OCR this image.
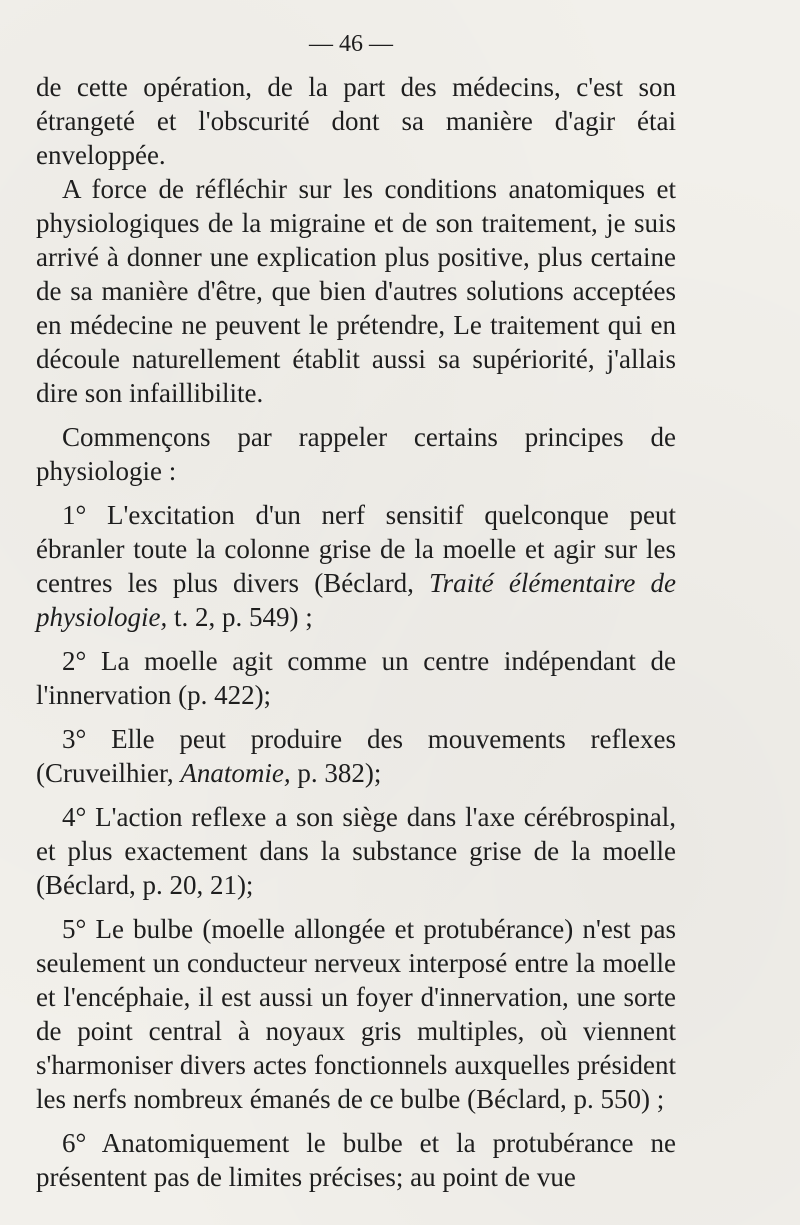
— 46 —

de cette opération, de la part des médecins, c'est son étrangeté et l'obscurité dont sa manière d'agir étai enveloppée.

A force de réfléchir sur les conditions anatomiques et physiologiques de la migraine et de son traitement, je suis arrivé à donner une explication plus positive, plus certaine de sa manière d'être, que bien d'autres solutions acceptées en médecine ne peuvent le prétendre, Le traitement qui en découle naturellement établit aussi sa supériorité, j'allais dire son infaillibilite.

Commençons par rappeler certains principes de physiologie :

1° L'excitation d'un nerf sensitif quelconque peut ébranler toute la colonne grise de la moelle et agir sur les centres les plus divers (Béclard, Traité élémentaire de physiologie, t. 2, p. 549) ;

2° La moelle agit comme un centre indépendant de l'innervation (p. 422);

3° Elle peut produire des mouvements reflexes (Cruveilhier, Anatomie, p. 382);

4° L'action reflexe a son siège dans l'axe cérébrospinal, et plus exactement dans la substance grise de la moelle (Béclard, p. 20, 21);

5° Le bulbe (moelle allongée et protubérance) n'est pas seulement un conducteur nerveux interposé entre la moelle et l'encéphaie, il est aussi un foyer d'innervation, une sorte de point central à noyaux gris multiples, où viennent s'harmoniser divers actes fonctionnels auxquelles président les nerfs nombreux émanés de ce bulbe (Béclard, p. 550) ;

6° Anatomiquement le bulbe et la protubérance ne présentent pas de limites précises; au point de vue
